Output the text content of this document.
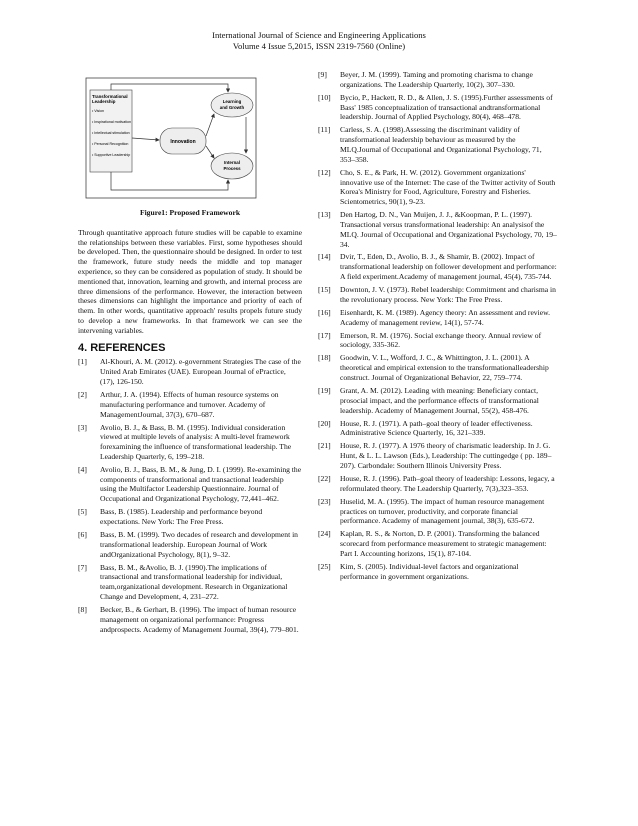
International Journal of Science and Engineering Applications
Volume 4 Issue 5,2015, ISSN 2319-7560 (Online)
Transformational
Leadership
• Vision
• Inspirational motivation
• Intellectual stimulation
• Personal Recognition
• Supportive Leadership
Innovation
Learning
and Growth
Internal
Process
Figure1: Proposed Framework

Through quantitative approach future studies will be capable to examine the relationships between these variables. First, some hypotheses should be developed. Then, the questionnaire should be designed. In order to test the framework, future study needs the middle and top manager experience, so they can be considered as population of study. It should be mentioned that, innovation, learning and growth, and internal process are three dimensions of the performance. However, the interaction between theses dimensions can highlight the importance and priority of each of them. In other words, quantitative approach' results propels future study to develop a new frameworks. In that framework we can see the intervening variables.

4. REFERENCES
[1]	Al-Khouri, A. M. (2012). e-government Strategies The case of the United Arab Emirates (UAE). European Journal of ePractice, (17), 126-150.
[2]	Arthur, J. A. (1994). Effects of human resource systems on manufacturing performance and turnover. Academy of ManagementJournal, 37(3), 670–687.
[3]	Avolio, B. J., & Bass, B. M. (1995). Individual consideration viewed at multiple levels of analysis: A multi-level framework forexamining the influence of transformational leadership. The Leadership Quarterly, 6, 199–218.
[4]	Avolio, B. J., Bass, B. M., & Jung, D. I. (1999). Re-examining the components of transformational and transactional leadership using the Multifactor Leadership Questionnaire. Journal of Occupational and Organizational Psychology, 72,441–462.
[5]	Bass, B. (1985). Leadership and performance beyond expectations. New York: The Free Press.
[6]	Bass, B. M. (1999). Two decades of research and development in transformational leadership. European Journal of Work andOrganizational Psychology, 8(1), 9–32.
[7]	Bass, B. M., &Avolio, B. J. (1990).The implications of transactional and transformational leadership for individual, team,organizational development. Research in Organizational Change and Development, 4, 231–272.
[8]	Becker, B., & Gerhart, B. (1996). The impact of human resource management on organizational performance: Progress andprospects. Academy of Management Journal, 39(4), 779–801.
[9]	Beyer, J. M. (1999). Taming and promoting charisma to change organizations. The Leadership Quarterly, 10(2), 307–330.
[10]	Bycio, P., Hackett, R. D., & Allen, J. S. (1995).Further assessments of Bass' 1985 conceptualization of transactional andtransformational leadership. Journal of Applied Psychology, 80(4), 468–478.
[11]	Carless, S. A. (1998).Assessing the discriminant validity of transformational leadership behaviour as measured by the MLQ.Journal of Occupational and Organizational Psychology, 71, 353–358.
[12]	Cho, S. E., & Park, H. W. (2012). Government organizations' innovative use of the Internet: The case of the Twitter activity of South Korea's Ministry for Food, Agriculture, Forestry and Fisheries. Scientometrics, 90(1), 9-23.
[13]	Den Hartog, D. N., Van Muijen, J. J., &Koopman, P. L. (1997). Transactional versus transformational leadership: An analysisof the MLQ. Journal of Occupational and Organizational Psychology, 70, 19–34.
[14]	Dvir, T., Eden, D., Avolio, B. J., & Shamir, B. (2002). Impact of transformational leadership on follower development and performance: A field experiment.Academy of management journal, 45(4), 735-744.
[15]	Downton, J. V. (1973). Rebel leadership: Commitment and charisma in the revolutionary process. New York: The Free Press.
[16]	Eisenhardt, K. M. (1989). Agency theory: An assessment and review. Academy of management review, 14(1), 57-74.
[17]	Emerson, R. M. (1976). Social exchange theory. Annual review of sociology, 335-362.
[18]	Goodwin, V. L., Wofford, J. C., & Whittington, J. L. (2001). A theoretical and empirical extension to the transformationalleadership construct. Journal of Organizational Behavior, 22, 759–774.
[19]	Grant, A. M. (2012). Leading with meaning: Beneficiary contact, prosocial impact, and the performance effects of transformational leadership. Academy of Management Journal, 55(2), 458-476.
[20]	House, R. J. (1971). A path–goal theory of leader effectiveness. Administrative Science Quarterly, 16, 321–339.
[21]	House, R. J. (1977). A 1976 theory of charismatic leadership. In J. G. Hunt, & L. L. Lawson (Eds.), Leadership: The cuttingedge ( pp. 189–207). Carbondale: Southern Illinois University Press.
[22]	House, R. J. (1996). Path–goal theory of leadership: Lessons, legacy, a reformulated theory. The Leadership Quarterly, 7(3),323–353.
[23]	Huselid, M. A. (1995). The impact of human resource management practices on turnover, productivity, and corporate financial performance. Academy of management journal, 38(3), 635-672.
[24]	Kaplan, R. S., & Norton, D. P. (2001). Transforming the balanced scorecard from performance measurement to strategic management: Part I. Accounting horizons, 15(1), 87-104.
[25]	Kim, S. (2005). Individual-level factors and organizational performance in government organizations.
